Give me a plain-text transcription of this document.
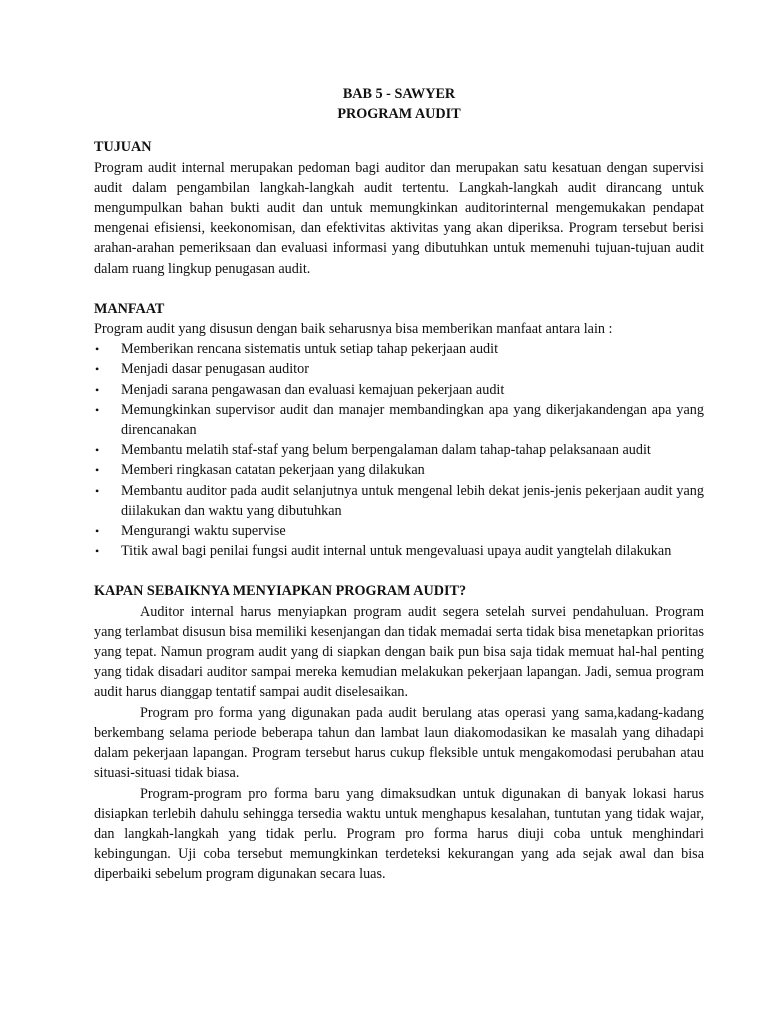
BAB 5 - SAWYER
PROGRAM AUDIT
TUJUAN

Program audit internal merupakan pedoman bagi auditor dan merupakan satu kesatuan dengan supervisi audit dalam pengambilan langkah-langkah audit tertentu. Langkah-langkah audit dirancang untuk mengumpulkan bahan bukti audit dan untuk memungkinkan auditorinternal mengemukakan pendapat mengenai efisiensi, keekonomisan, dan efektivitas aktivitas yang akan diperiksa. Program tersebut berisi arahan-arahan pemeriksaan dan evaluasi informasi yang dibutuhkan untuk memenuhi tujuan-tujuan audit dalam ruang lingkup penugasan audit.

MANFAAT

Program audit yang disusun dengan baik seharusnya bisa memberikan manfaat antara lain :

• Memberikan rencana sistematis untuk setiap tahap pekerjaan audit
• Menjadi dasar penugasan auditor
• Menjadi sarana pengawasan dan evaluasi kemajuan pekerjaan audit
• Memungkinkan supervisor audit dan manajer membandingkan apa yang dikerjakandengan apa yang direncanakan
• Membantu melatih staf-staf yang belum berpengalaman dalam tahap-tahap pelaksanaan audit
• Memberi ringkasan catatan pekerjaan yang dilakukan
• Membantu auditor pada audit selanjutnya untuk mengenal lebih dekat jenis-jenis pekerjaan audit yang diilakukan dan waktu yang dibutuhkan
• Mengurangi waktu supervise
• Titik awal bagi penilai fungsi audit internal untuk mengevaluasi upaya audit yangtelah dilakukan
KAPAN SEBAIKNYA MENYIAPKAN PROGRAM AUDIT?

Auditor internal harus menyiapkan program audit segera setelah survei pendahuluan. Program yang terlambat disusun bisa memiliki kesenjangan dan tidak memadai serta tidak bisa menetapkan prioritas yang tepat. Namun program audit yang di siapkan dengan baik pun bisa saja tidak memuat hal-hal penting yang tidak disadari auditor sampai mereka kemudian melakukan pekerjaan lapangan. Jadi, semua program audit harus dianggap tentatif sampai audit diselesaikan.

Program pro forma yang digunakan pada audit berulang atas operasi yang sama,kadang-kadang berkembang selama periode beberapa tahun dan lambat laun diakomodasikan ke masalah yang dihadapi dalam pekerjaan lapangan. Program tersebut harus cukup fleksible untuk mengakomodasi perubahan atau situasi-situasi tidak biasa.

Program-program pro forma baru yang dimaksudkan untuk digunakan di banyak lokasi harus disiapkan terlebih dahulu sehingga tersedia waktu untuk menghapus kesalahan, tuntutan yang tidak wajar, dan langkah-langkah yang tidak perlu. Program pro forma harus diuji coba untuk menghindari kebingungan. Uji coba tersebut memungkinkan terdeteksi kekurangan yang ada sejak awal dan bisa diperbaiki sebelum program digunakan secara luas.
